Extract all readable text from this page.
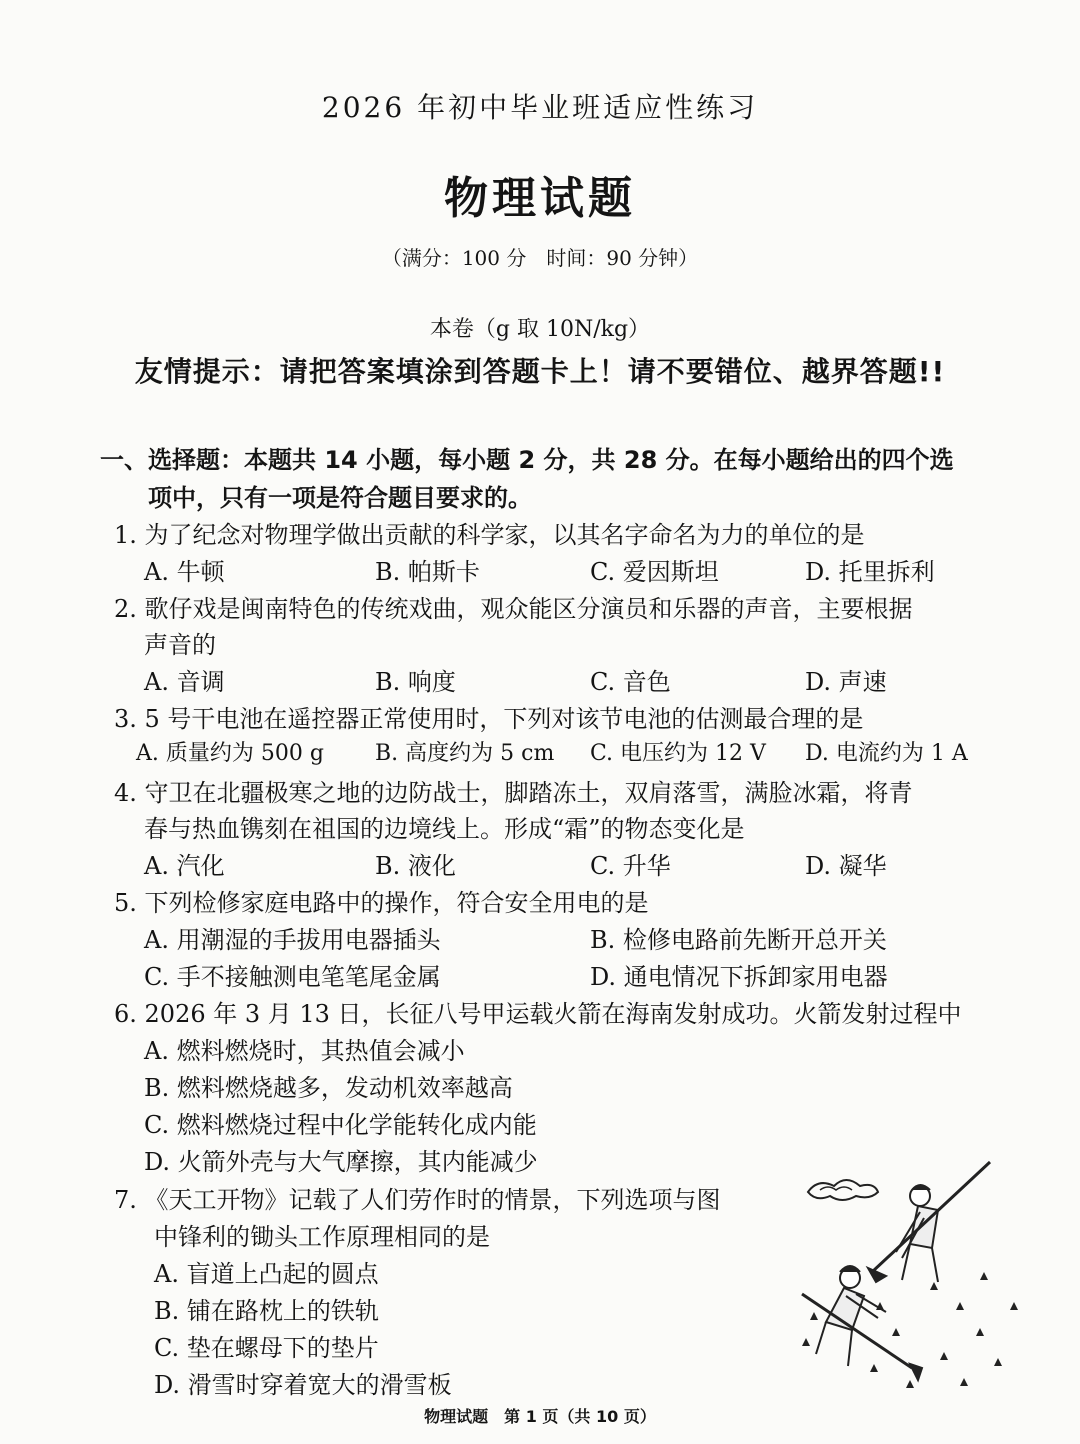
2026 年初中毕业班适应性练习
物理试题
（满分：100 分　时间：90 分钟）
本卷（g 取 10N/kg）
友情提示：请把答案填涂到答题卡上！请不要错位、越界答题!!
一、选择题：本题共 14 小题，每小题 2 分，共 28 分。在每小题给出的四个选
项中，只有一项是符合题目要求的。
1. 为了纪念对物理学做出贡献的科学家，以其名字命名为力的单位的是
A. 牛顿	B. 帕斯卡	C. 爱因斯坦	D. 托里拆利
2. 歌仔戏是闽南特色的传统戏曲，观众能区分演员和乐器的声音，主要根据
声音的
A. 音调	B. 响度	C. 音色	D. 声速
3. 5 号干电池在遥控器正常使用时，下列对该节电池的估测最合理的是
A. 质量约为 500 g B. 高度约为 5 cm C. 电压约为 12 V D. 电流约为 1 A
4. 守卫在北疆极寒之地的边防战士，脚踏冻土，双肩落雪，满脸冰霜，将青
春与热血镌刻在祖国的边境线上。形成“霜”的物态变化是
A. 汽化	B. 液化	C. 升华	D. 凝华
5. 下列检修家庭电路中的操作，符合安全用电的是
A. 用潮湿的手拔用电器插头	B. 检修电路前先断开总开关
C. 手不接触测电笔笔尾金属	D. 通电情况下拆卸家用电器
6. 2026 年 3 月 13 日，长征八号甲运载火箭在海南发射成功。火箭发射过程中
A. 燃料燃烧时，其热值会减小
B. 燃料燃烧越多，发动机效率越高
C. 燃料燃烧过程中化学能转化成内能
D. 火箭外壳与大气摩擦，其内能减少
7. 《天工开物》记载了人们劳作时的情景，下列选项与图
中锋利的锄头工作原理相同的是
A. 盲道上凸起的圆点
B. 铺在路枕上的铁轨
C. 垫在螺母下的垫片
D. 滑雪时穿着宽大的滑雪板
物理试题　第 1 页（共 10 页）
